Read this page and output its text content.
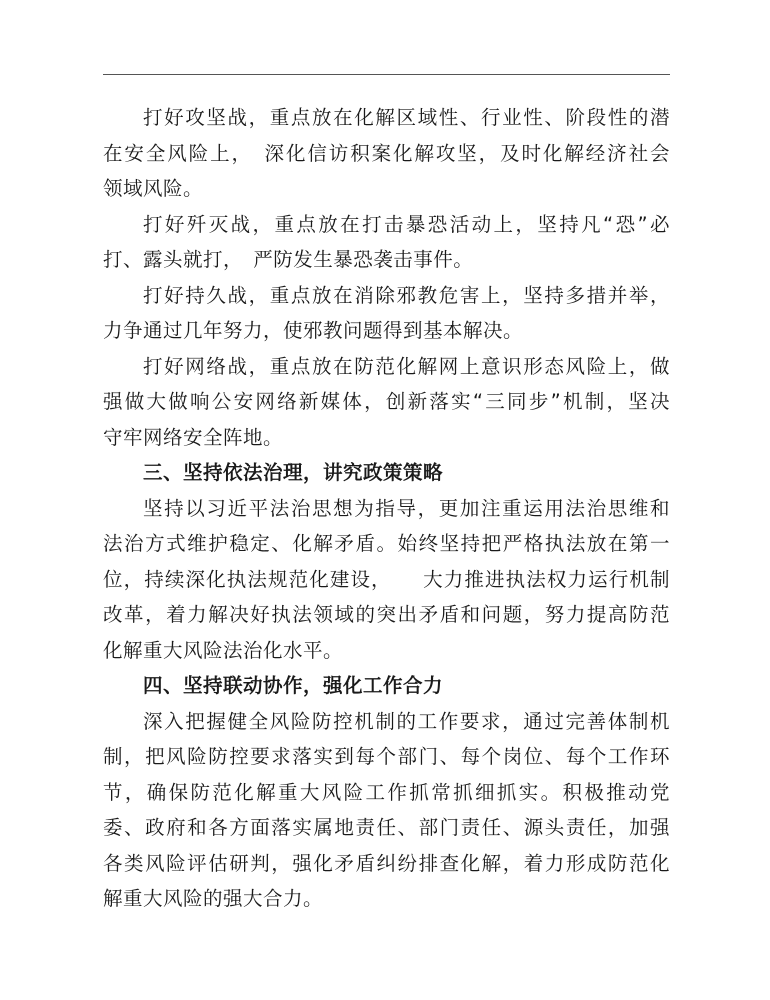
打好攻坚战，重点放在化解区域性、行业性、阶段性的潜
在安全风险上，　深化信访积案化解攻坚，及时化解经济社会
领域风险。
打好歼灭战，重点放在打击暴恐活动上，坚持凡“恐”必
打、露头就打，　严防发生暴恐袭击事件。
打好持久战，重点放在消除邪教危害上，坚持多措并举，
力争通过几年努力，使邪教问题得到基本解决。
打好网络战，重点放在防范化解网上意识形态风险上，做
强做大做响公安网络新媒体，创新落实“三同步”机制，坚决
守牢网络安全阵地。
三、坚持依法治理，讲究政策策略
坚持以习近平法治思想为指导，更加注重运用法治思维和
法治方式维护稳定、化解矛盾。始终坚持把严格执法放在第一
位，持续深化执法规范化建设，　　大力推进执法权力运行机制
改革，着力解决好执法领域的突出矛盾和问题，努力提高防范
化解重大风险法治化水平。
四、坚持联动协作，强化工作合力
深入把握健全风险防控机制的工作要求，通过完善体制机
制，把风险防控要求落实到每个部门、每个岗位、每个工作环
节，确保防范化解重大风险工作抓常抓细抓实。积极推动党
委、政府和各方面落实属地责任、部门责任、源头责任，加强
各类风险评估研判，强化矛盾纠纷排查化解，着力形成防范化
解重大风险的强大合力。
